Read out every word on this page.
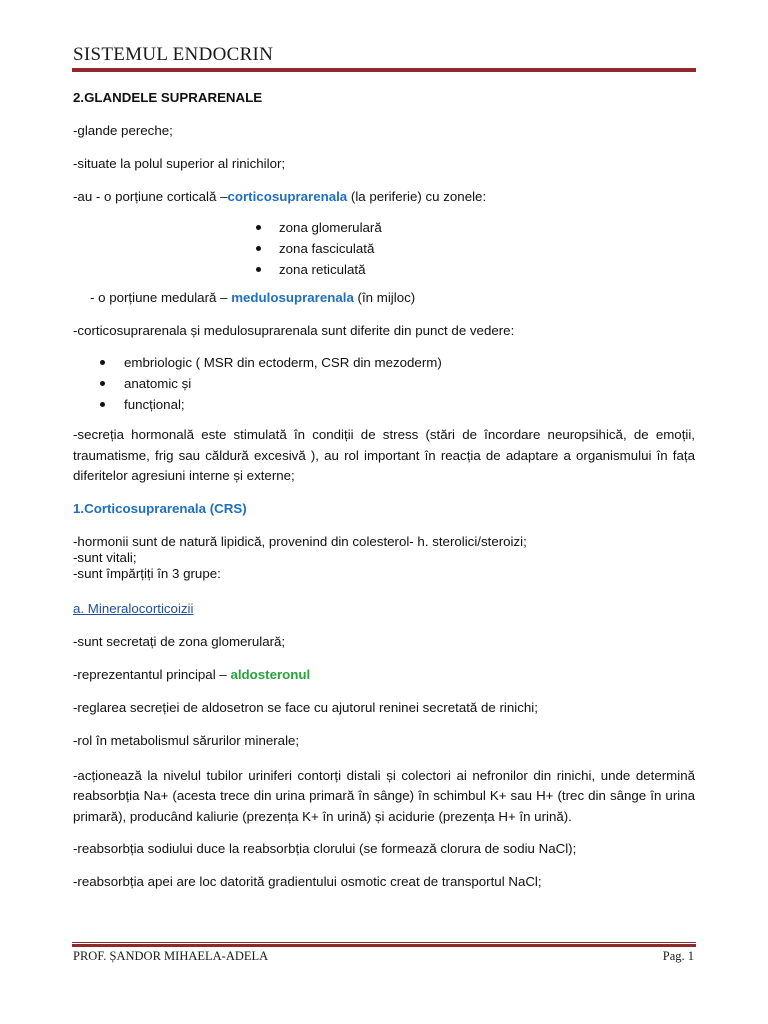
SISTEMUL ENDOCRIN

2.GLANDELE SUPRARENALE

-glande pereche;

-situate la polul superior al rinichilor;

-au - o porțiune corticală –corticosuprarenala (la periferie) cu zonele:

zona glomerulară
zona fasciculată
zona reticulată

- o porțiune medulară – medulosuprarenala (în mijloc)

-corticosuprarenala și medulosuprarenala sunt diferite din punct de vedere:

embriologic ( MSR din ectoderm, CSR din mezoderm)
anatomic și
funcțional;

-secreția hormonală este stimulată în condiții de stress (stări de încordare neuropsihică, de emoții, traumatisme, frig sau căldură excesivă ), au rol important în reacția de adaptare a organismului în fața diferitelor agresiuni interne și externe;

1.Corticosuprarenala (CRS)

-hormonii sunt de natură lipidică, provenind din colesterol- h. sterolici/steroizi;

-sunt vitali;

-sunt împărțiți în 3 grupe:

a. Mineralocorticoizii

-sunt secretați de zona glomerulară;

-reprezentantul principal – aldosteronul

-reglarea secreției de aldosetron se face cu ajutorul reninei secretată de rinichi;

-rol în metabolismul sărurilor minerale;

-acționează la nivelul tubilor uriniferi contorți distali și colectori ai nefronilor din rinichi, unde determină reabsorbția Na+ (acesta trece din urina primară în sânge) în schimbul K+ sau H+ (trec din sânge în urina primară), producând kaliurie (prezența K+ în urină) și acidurie (prezența H+ în urină).

-reabsorbția sodiului duce la reabsorbția clorului (se formează clorura de sodiu NaCl);

-reabsorbția apei are loc datorită gradientului osmotic creat de transportul NaCl;

PROF. ȘANDOR MIHAELA-ADELA	Pag. 1
